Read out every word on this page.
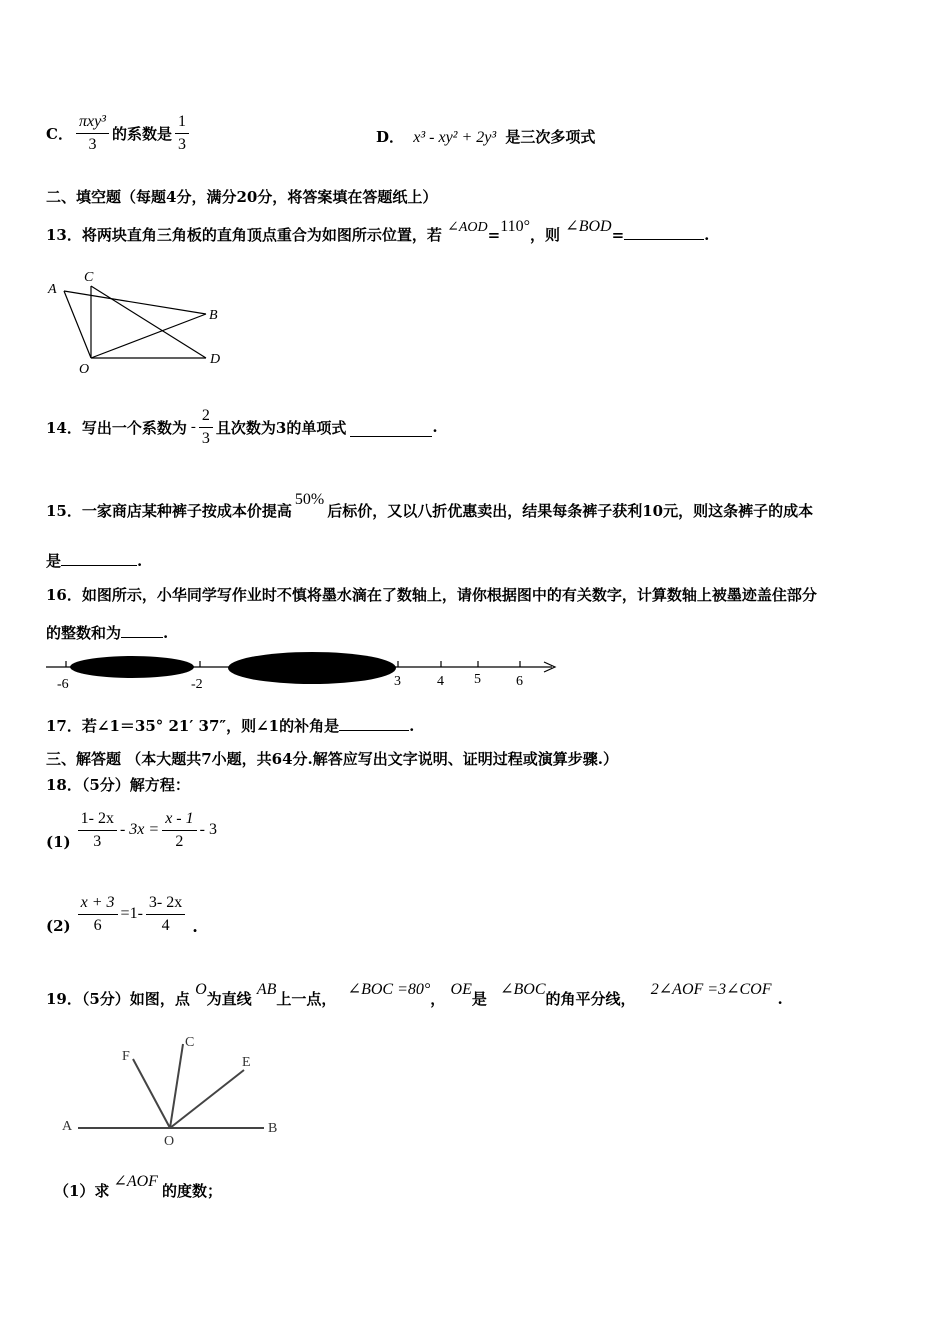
C． $\frac{\text{πxy³}}{3}$ 的系数是 $\frac{1}{3}$	D． x³ - xy² + 2y³ 是三次多项式
二、填空题（每题4分，满分20分，将答案填在答题纸上）
13．将两块直角三角板的直角顶点重合为如图所示位置，若 ∠AOD=110°，则 ∠BOD=	.
A
C
B
O
D
14． 写出一个系数为 - $\frac{2}{3}$ 且次数为3的单项式	.
15．一家商店某种裤子按成本价提高50%后标价，又以八折优惠卖出，结果每条裤子获利10元，则这条裤子的成本
是	.
16．如图所示，小华同学写作业时不慎将墨水滴在了数轴上，请你根据图中的有关数字，计算数轴上被墨迹盖住部分
的整数和为	.
-6	-2	3	4 5	6
17．若∠1＝35° 21′ 37″，则∠1的补角是	.
三、解答题 （本大题共7小题，共64分.解答应写出文字说明、证明过程或演算步骤.）
18．（5分）解方程：
$(1) \frac{1- 2x}{3} - 3x = \frac{x - 1}{2} - 3$
$(2) \frac{x + 3}{6} =1- \frac{3- 2x}{4}$ .
19．（5分）如图，点 O为直线 AB上一点， ∠BOC =80°， OE是 ∠BOC的角平分线， 2∠AOF =3∠COF.
F
C
E
A
O
B
（1）求∠AOF的度数；
